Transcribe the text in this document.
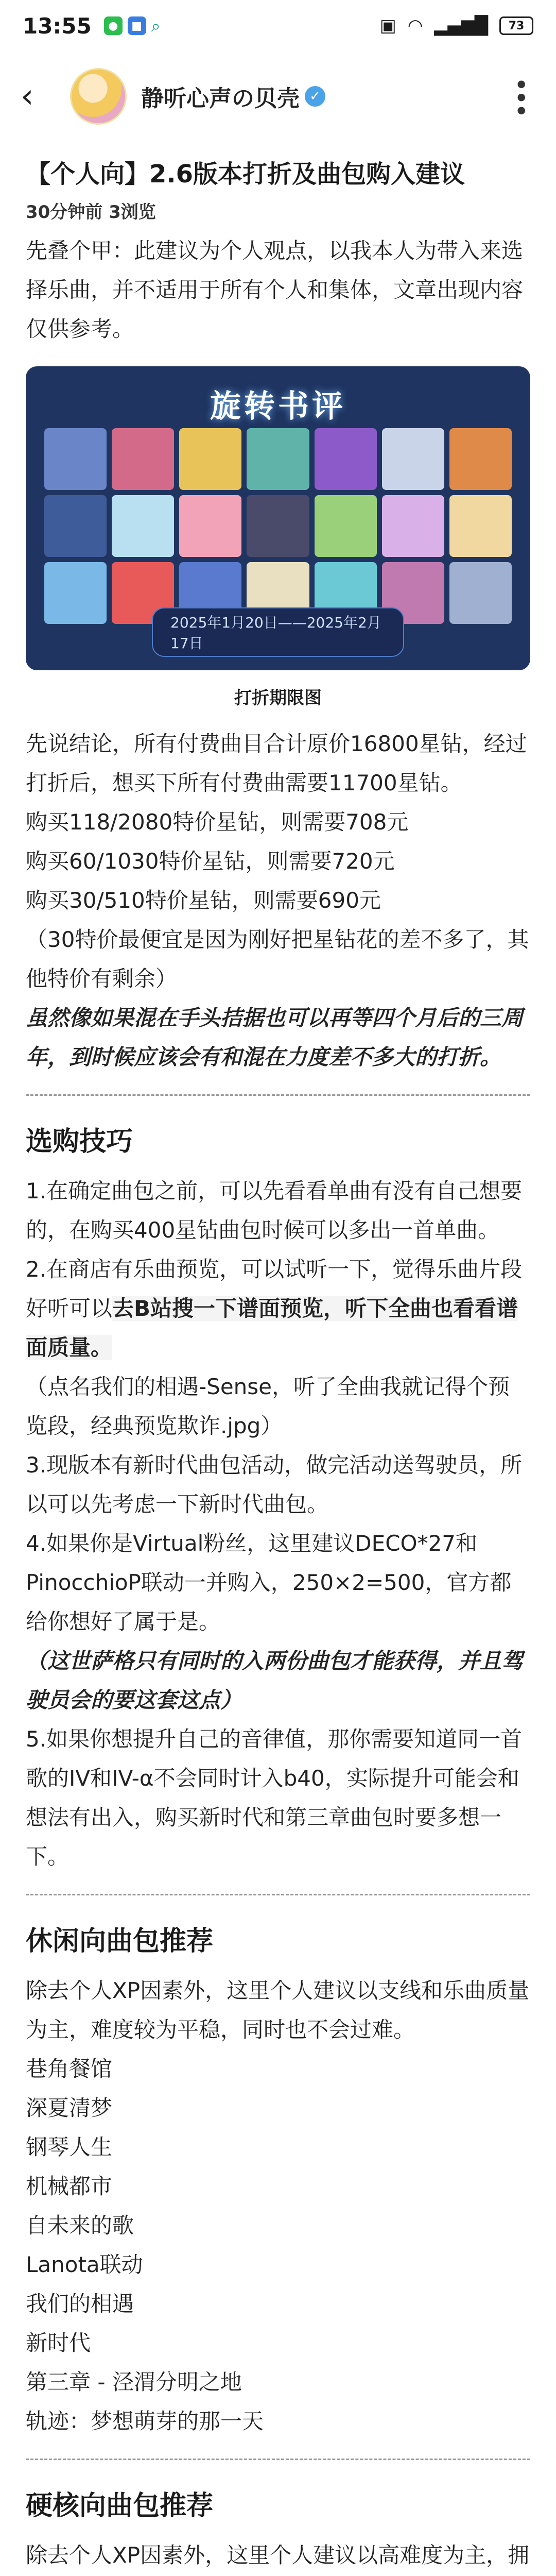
13:55	●	■ ⌕	▣ ◠ ▂▄▆█	73
‹	静听心声の贝壳 ✓	•••
【个人向】2.6版本打折及曲包购入建议
30分钟前 3浏览
先叠个甲：此建议为个人观点，以我本人为带入来选择乐曲，并不适用于所有个人和集体，文章出现内容仅供参考。
旋转书评
2025年1月20日——2025年2月17日
打折期限图
先说结论，所有付费曲目合计原价16800星钻，经过打折后，想买下所有付费曲需要11700星钻。
购买118/2080特价星钻，则需要708元
购买60/1030特价星钻，则需要720元
购买30/510特价星钻，则需要690元
（30特价最便宜是因为刚好把星钻花的差不多了，其他特价有剩余）
虽然像如果混在手头拮据也可以再等四个月后的三周年，到时候应该会有和混在力度差不多大的打折。
选购技巧
1.在确定曲包之前，可以先看看单曲有没有自己想要的，在购买400星钻曲包时候可以多出一首单曲。
2.在商店有乐曲预览，可以试听一下，觉得乐曲片段好听可以去B站搜一下谱面预览，听下全曲也看看谱面质量。
（点名我们的相遇-Sense，听了全曲我就记得个预览段，经典预览欺诈.jpg）
3.现版本有新时代曲包活动，做完活动送驾驶员，所以可以先考虑一下新时代曲包。
4.如果你是Virtual粉丝，这里建议DECO*27和PinocchioP联动一并购入，250×2=500，官方都给你想好了属于是。
（这世萨格只有同时的入两份曲包才能获得，并且驾驶员会的要这套这点）
5.如果你想提升自己的音律值，那你需要知道同一首歌的IV和IV-α不会同时计入b40，实际提升可能会和想法有出入，购买新时代和第三章曲包时要多想一下。
休闲向曲包推荐
除去个人XP因素外，这里个人建议以支线和乐曲质量为主，难度较为平稳，同时也不会过难。
巷角餐馆
深夏清梦
钢琴人生
机械都市
自未来的歌
Lanota联动
我们的相遇
新时代
第三章 - 泾渭分明之地
轨迹：梦想萌芽的那一天
硬核向曲包推荐
除去个人XP因素外，这里个人建议以高难度为主，拥
